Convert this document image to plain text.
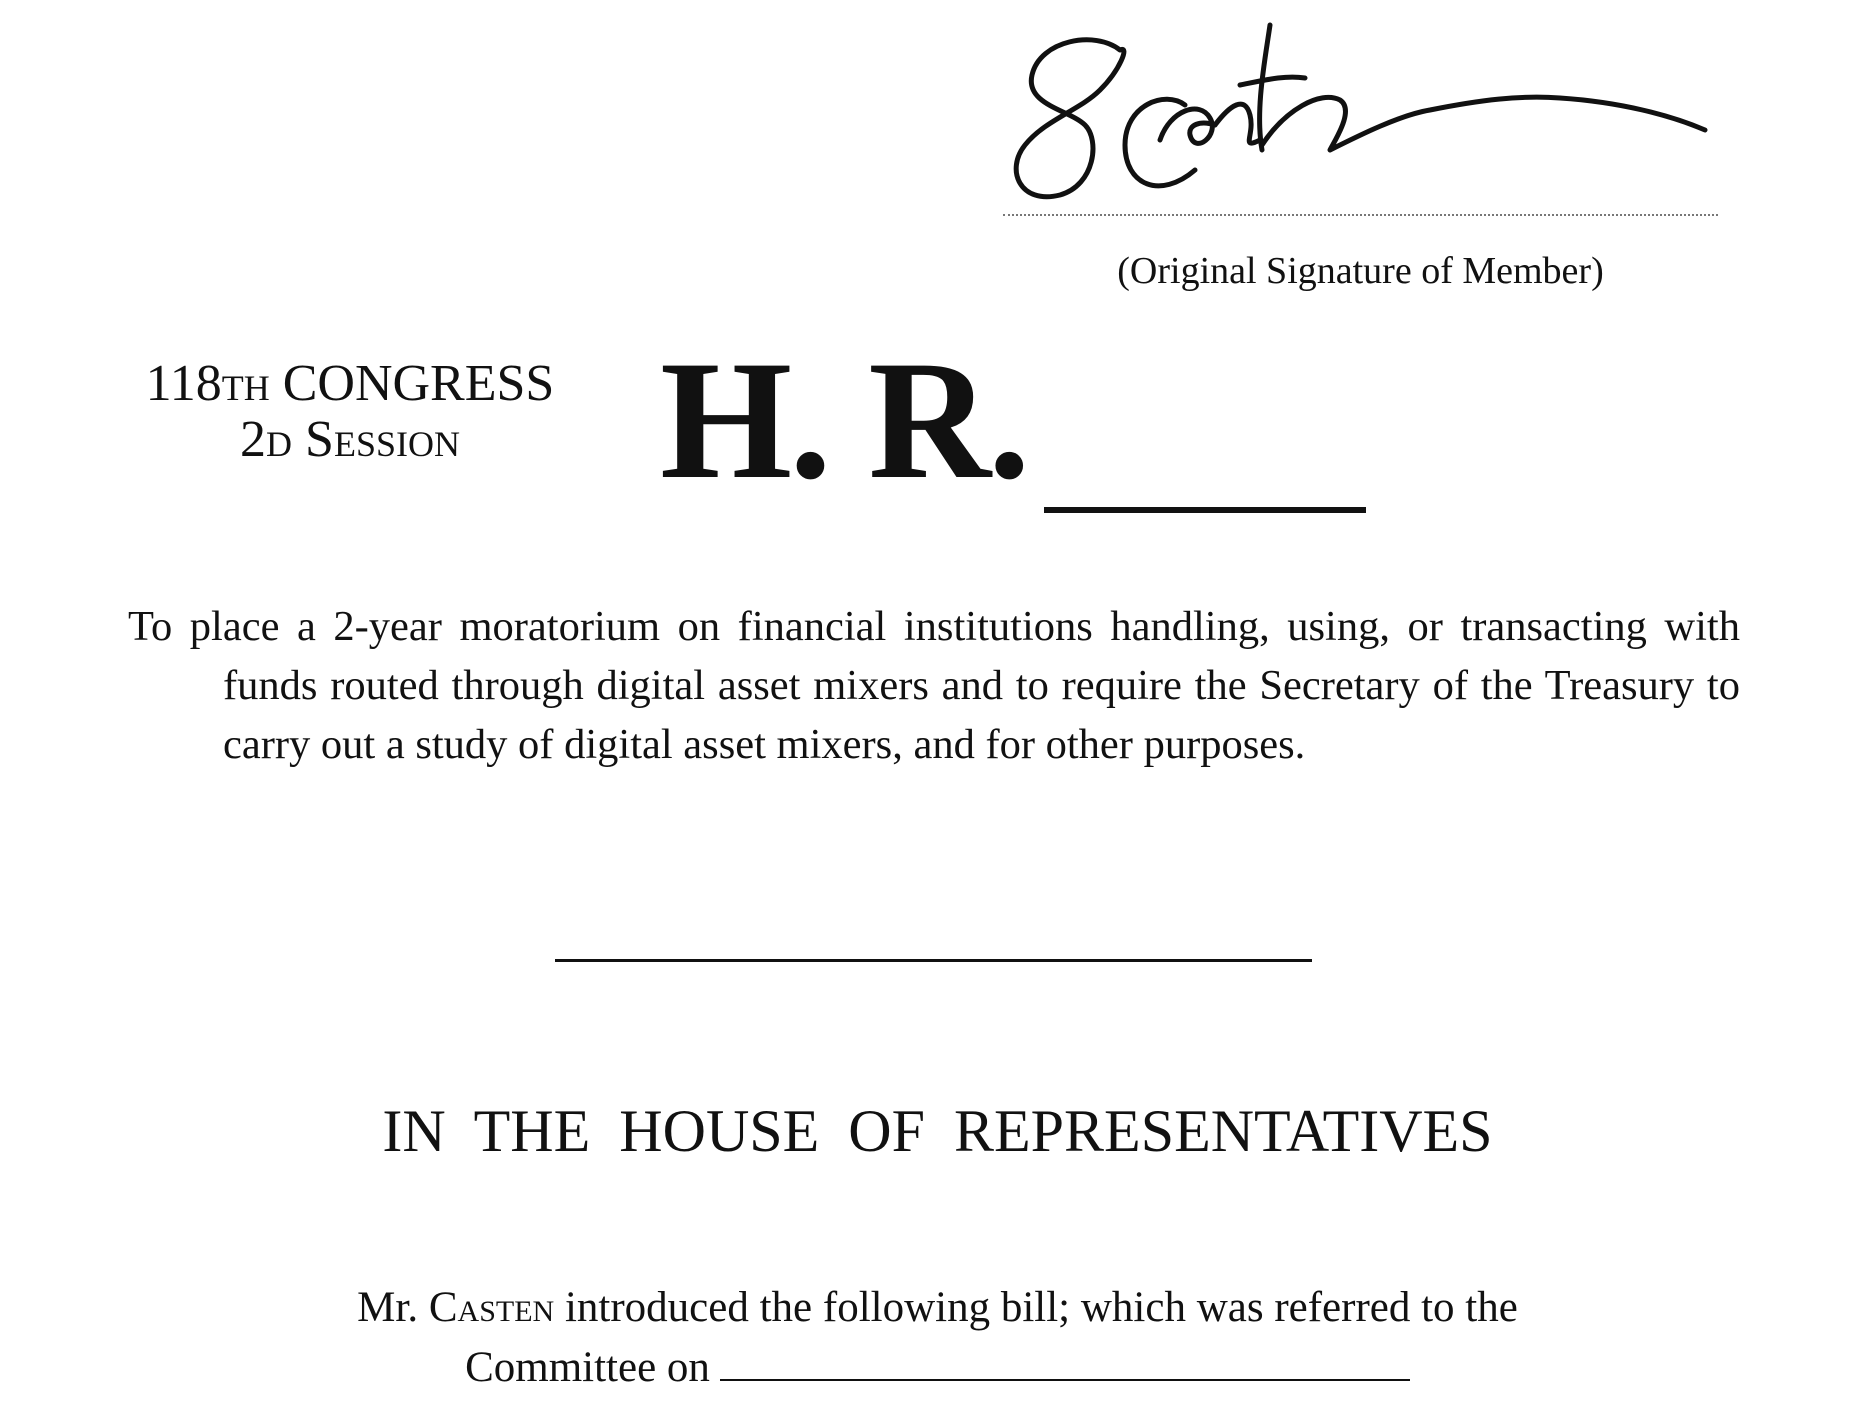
(Original Signature of Member)
118th CONGRESS
2d Session	H. R.
To place a 2-year moratorium on financial institutions handling, using, or transacting with funds routed through digital asset mixers and to require the Secretary of the Treasury to carry out a study of digital asset mixers, and for other purposes.
IN THE HOUSE OF REPRESENTATIVES
Mr. Casten introduced the following bill; which was referred to the
Committee on
